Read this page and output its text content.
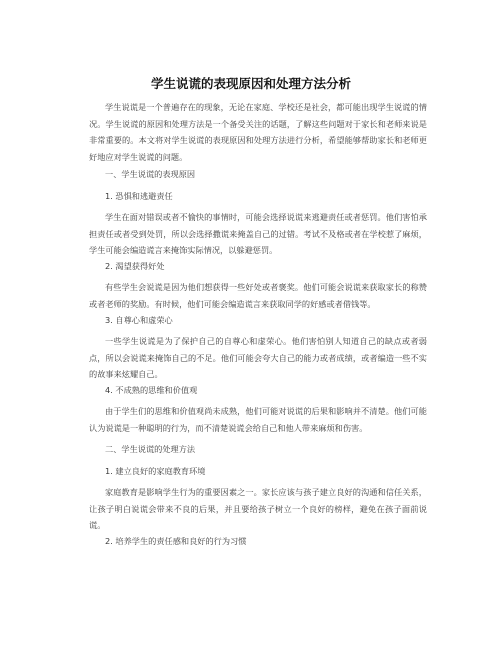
学生说谎的表现原因和处理方法分析

学生说谎是一个普遍存在的现象，无论在家庭、学校还是社会，都可能出现学生说谎的情况。学生说谎的原因和处理方法是一个备受关注的话题，了解这些问题对于家长和老师来说是非常重要的。本文将对学生说谎的表现原因和处理方法进行分析，希望能够帮助家长和老师更好地应对学生说谎的问题。

一、学生说谎的表现原因

1. 恐惧和逃避责任

学生在面对错误或者不愉快的事情时，可能会选择说谎来逃避责任或者惩罚。他们害怕承担责任或者受到处罚，所以会选择撒谎来掩盖自己的过错。考试不及格或者在学校惹了麻烦，学生可能会编造谎言来掩饰实际情况，以躲避惩罚。

2. 渴望获得好处

有些学生会说谎是因为他们想获得一些好处或者褒奖。他们可能会说谎来获取家长的称赞或者老师的奖励。有时候，他们可能会编造谎言来获取同学的好感或者借钱等。

3. 自尊心和虚荣心

一些学生说谎是为了保护自己的自尊心和虚荣心。他们害怕别人知道自己的缺点或者弱点，所以会说谎来掩饰自己的不足。他们可能会夸大自己的能力或者成绩，或者编造一些不实的故事来炫耀自己。

4. 不成熟的思维和价值观

由于学生们的思维和价值观尚未成熟，他们可能对说谎的后果和影响并不清楚。他们可能认为说谎是一种聪明的行为，而不清楚说谎会给自己和他人带来麻烦和伤害。

二、学生说谎的处理方法

1. 建立良好的家庭教育环境

家庭教育是影响学生行为的重要因素之一。家长应该与孩子建立良好的沟通和信任关系，让孩子明白说谎会带来不良的后果，并且要给孩子树立一个良好的榜样，避免在孩子面前说谎。

2. 培养学生的责任感和良好的行为习惯
